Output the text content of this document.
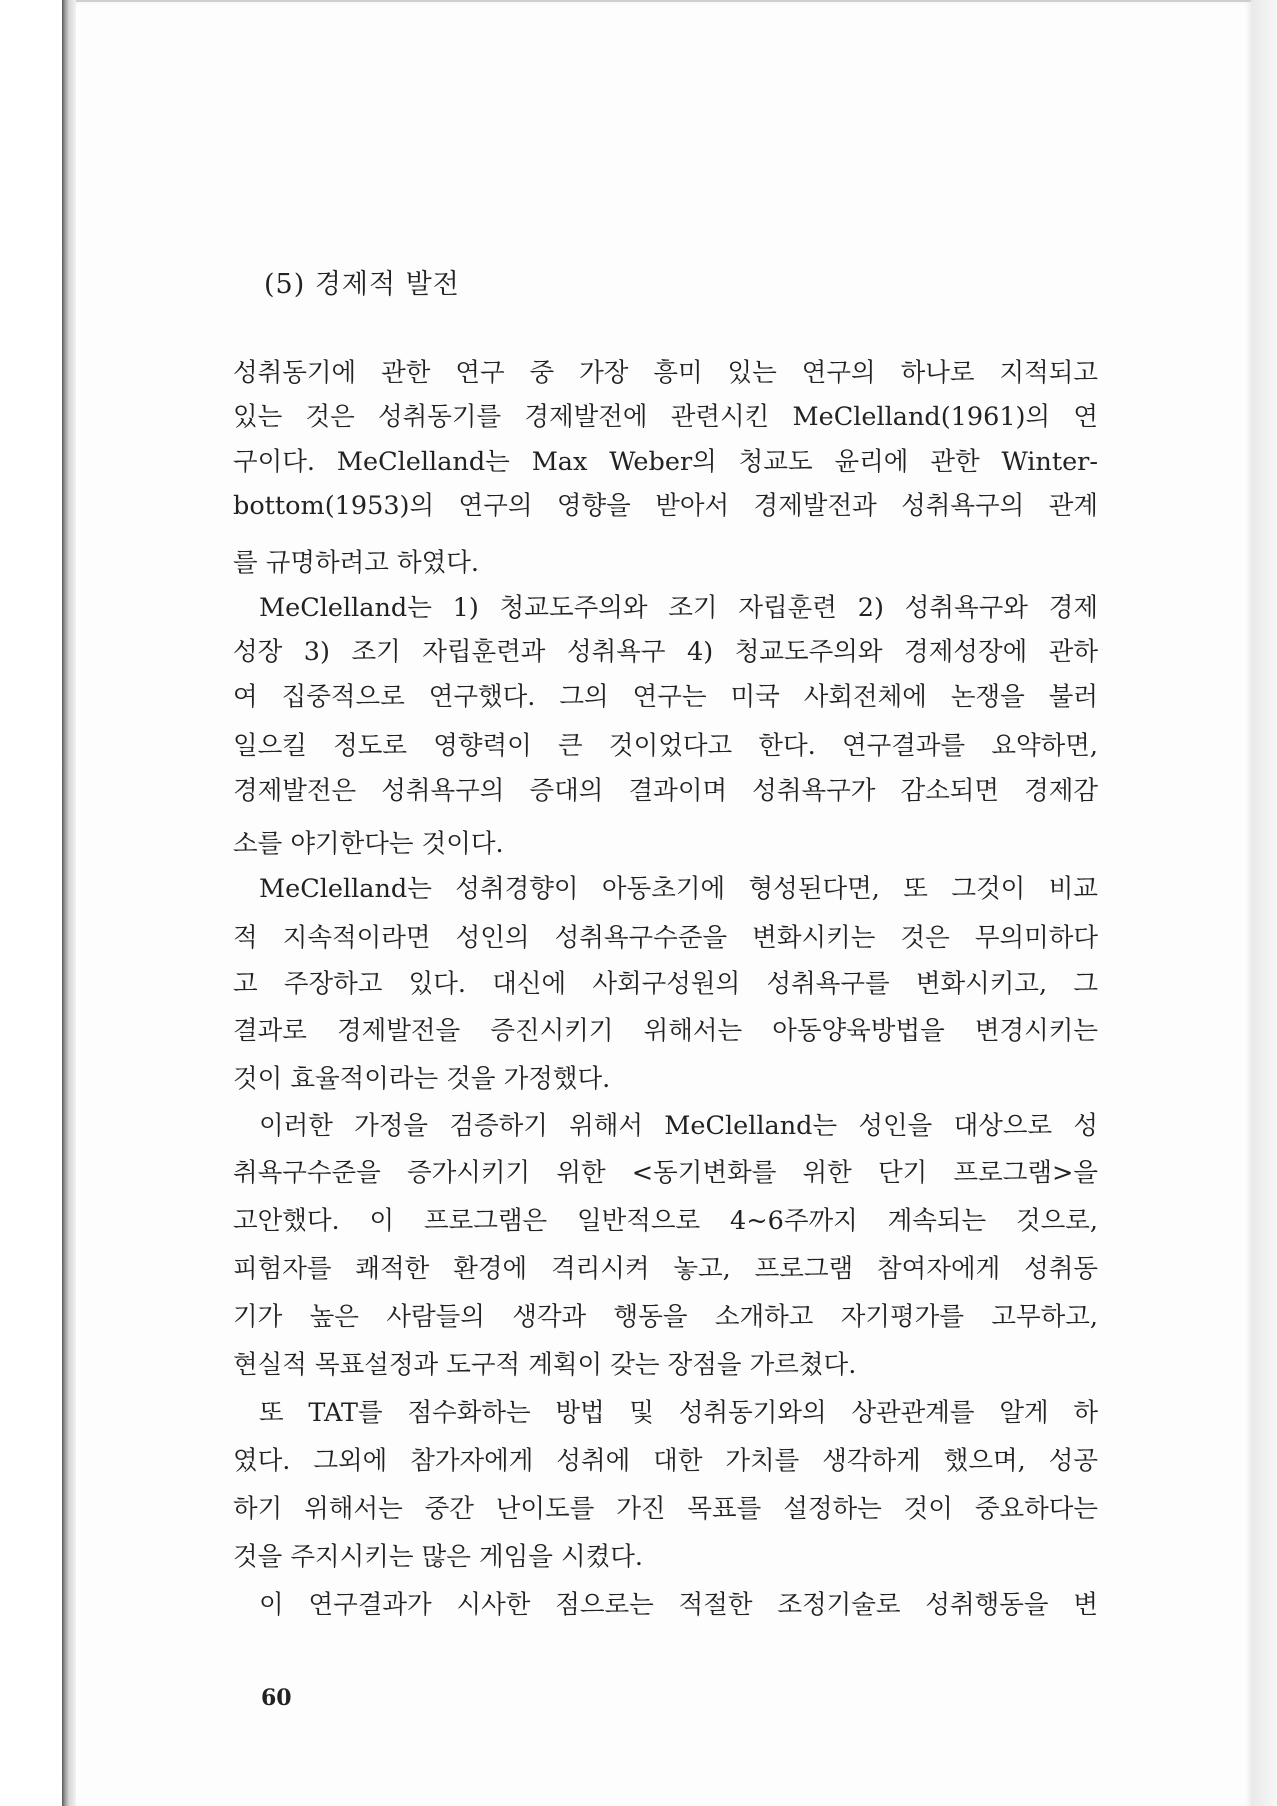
(5) 경제적 발전
성취동기에 관한 연구 중 가장 흥미 있는 연구의 하나로 지적되고
있는 것은 성취동기를 경제발전에 관련시킨 MeClelland(1961)의 연
구이다. MeClelland는 Max Weber의 청교도 윤리에 관한 Winter-
bottom(1953)의 연구의 영향을 받아서 경제발전과 성취욕구의 관계
를 규명하려고 하였다.
MeClelland는 1) 청교도주의와 조기 자립훈련 2) 성취욕구와 경제
성장 3) 조기 자립훈련과 성취욕구 4) 청교도주의와 경제성장에 관하
여 집중적으로 연구했다. 그의 연구는 미국 사회전체에 논쟁을 불러
일으킬 정도로 영향력이 큰 것이었다고 한다. 연구결과를 요약하면,
경제발전은 성취욕구의 증대의 결과이며 성취욕구가 감소되면 경제감
소를 야기한다는 것이다.
MeClelland는 성취경향이 아동초기에 형성된다면, 또 그것이 비교
적 지속적이라면 성인의 성취욕구수준을 변화시키는 것은 무의미하다
고 주장하고 있다. 대신에 사회구성원의 성취욕구를 변화시키고, 그
결과로 경제발전을 증진시키기 위해서는 아동양육방법을 변경시키는
것이 효율적이라는 것을 가정했다.
이러한 가정을 검증하기 위해서 MeClelland는 성인을 대상으로 성
취욕구수준을 증가시키기 위한 <동기변화를 위한 단기 프로그램>을
고안했다. 이 프로그램은 일반적으로 4~6주까지 계속되는 것으로,
피험자를 쾌적한 환경에 격리시켜 놓고, 프로그램 참여자에게 성취동
기가 높은 사람들의 생각과 행동을 소개하고 자기평가를 고무하고,
현실적 목표설정과 도구적 계획이 갖는 장점을 가르쳤다.
또 TAT를 점수화하는 방법 및 성취동기와의 상관관계를 알게 하
였다. 그외에 참가자에게 성취에 대한 가치를 생각하게 했으며, 성공
하기 위해서는 중간 난이도를 가진 목표를 설정하는 것이 중요하다는
것을 주지시키는 많은 게임을 시켰다.
이 연구결과가 시사한 점으로는 적절한 조정기술로 성취행동을 변
60
